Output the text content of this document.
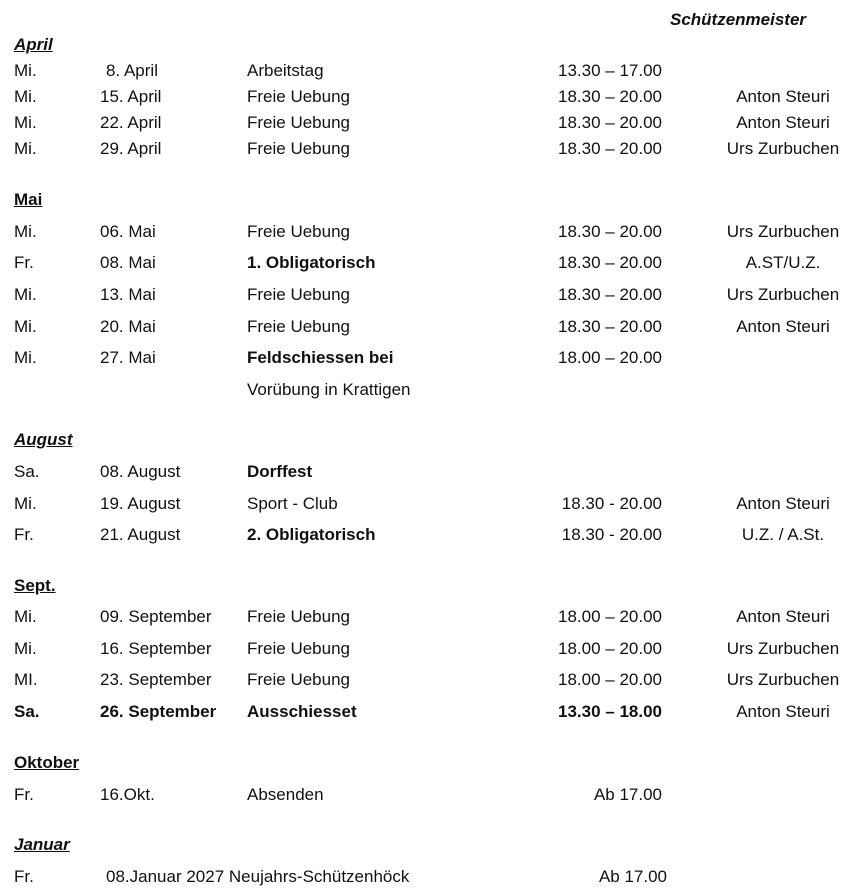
Schützenmeister
April
Mi.	8. April	Arbeitstag	13.30 – 17.00
Mi.	15. April	Freie Uebung	18.30 – 20.00	Anton Steuri
Mi.	22. April	Freie Uebung	18.30 – 20.00	Anton Steuri
Mi.	29. April	Freie Uebung	18.30 – 20.00	Urs Zurbuchen
Mai
Mi.	06. Mai	Freie Uebung	18.30 – 20.00	Urs Zurbuchen
Fr.	08. Mai	1. Obligatorisch	18.30 – 20.00	A.ST/U.Z.
Mi.	13. Mai	Freie Uebung	18.30 – 20.00	Urs Zurbuchen
Mi.	20. Mai	Freie Uebung	18.30 – 20.00	Anton Steuri
Mi.	27. Mai	Feldschiessen bei	18.00 – 20.00
Vorübung in Krattigen
August
Sa.	08. August	Dorffest
Mi.	19. August	Sport - Club	18.30 - 20.00	Anton Steuri
Fr.	21. August	2. Obligatorisch	18.30 - 20.00	U.Z. / A.St.
Sept.
Mi.	09. September Freie Uebung	18.00 – 20.00	Anton Steuri
Mi.	16. September Freie Uebung	18.00 – 20.00	Urs Zurbuchen
MI.	23. September Freie Uebung	18.00 – 20.00	Urs Zurbuchen
Sa.	26. September Ausschiesset	13.30 – 18.00	Anton Steuri
Oktober
Fr.	16.Okt.	Absenden	Ab 17.00
Januar
Fr.	08.Januar 2027 Neujahrs-Schützenhöck	Ab 17.00
